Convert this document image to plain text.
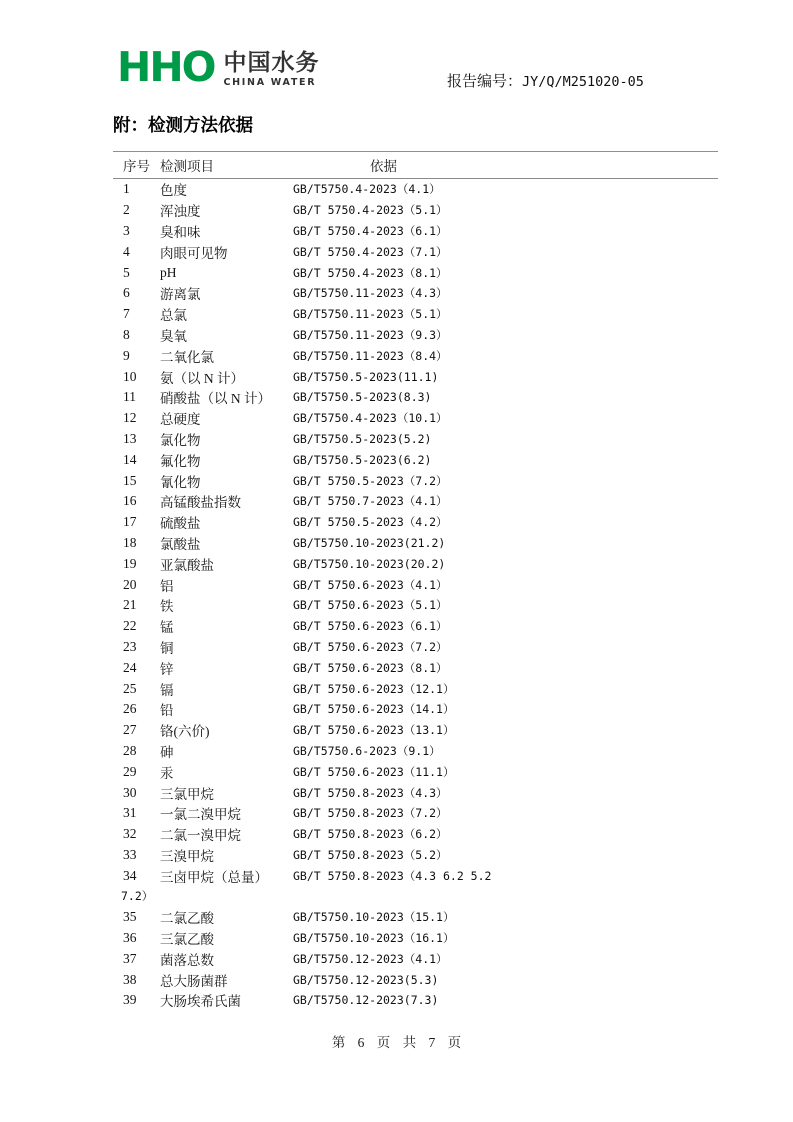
HHO 中国水务
CHINA WATER	报告编号：JY/Q/M251020-05
附：检测方法依据
序号 检测项目	依据
1	色度	GB/T5750.4-2023（4.1）
2	浑浊度	GB/T 5750.4-2023（5.1）
3	臭和味	GB/T 5750.4-2023（6.1）
4	肉眼可见物	GB/T 5750.4-2023（7.1）
5	pH	GB/T 5750.4-2023（8.1）
6	游离氯	GB/T5750.11-2023（4.3）
7	总氯	GB/T5750.11-2023（5.1）
8	臭氧	GB/T5750.11-2023（9.3）
9	二氧化氯	GB/T5750.11-2023（8.4）
10	氨（以 N 计）	GB/T5750.5-2023(11.1)
11	硝酸盐（以 N 计）	GB/T5750.5-2023(8.3)
12	总硬度	GB/T5750.4-2023（10.1）
13	氯化物	GB/T5750.5-2023(5.2)
14	氟化物	GB/T5750.5-2023(6.2)
15	氰化物	GB/T 5750.5-2023（7.2）
16	高锰酸盐指数	GB/T 5750.7-2023（4.1）
17	硫酸盐	GB/T 5750.5-2023（4.2）
18	氯酸盐	GB/T5750.10-2023(21.2)
19	亚氯酸盐	GB/T5750.10-2023(20.2)
20	铝	GB/T 5750.6-2023（4.1）
21	铁	GB/T 5750.6-2023（5.1）
22	锰	GB/T 5750.6-2023（6.1）
23	铜	GB/T 5750.6-2023（7.2）
24	锌	GB/T 5750.6-2023（8.1）
25	镉	GB/T 5750.6-2023（12.1）
26	铅	GB/T 5750.6-2023（14.1）
27	铬(六价)	GB/T 5750.6-2023（13.1）
28	砷	GB/T5750.6-2023（9.1）
29	汞	GB/T 5750.6-2023（11.1）
30	三氯甲烷	GB/T 5750.8-2023（4.3）
31	一氯二溴甲烷	GB/T 5750.8-2023（7.2）
32	二氯一溴甲烷	GB/T 5750.8-2023（6.2）
33	三溴甲烷	GB/T 5750.8-2023（5.2）
34	三卤甲烷（总量）	GB/T 5750.8-2023（4.3 6.2 5.2
7.2）
35	二氯乙酸	GB/T5750.10-2023（15.1）
36	三氯乙酸	GB/T5750.10-2023（16.1）
37	菌落总数	GB/T5750.12-2023（4.1）
38	总大肠菌群	GB/T5750.12-2023(5.3)
39	大肠埃希氏菌	GB/T5750.12-2023(7.3)
第 6 页 共 7 页
